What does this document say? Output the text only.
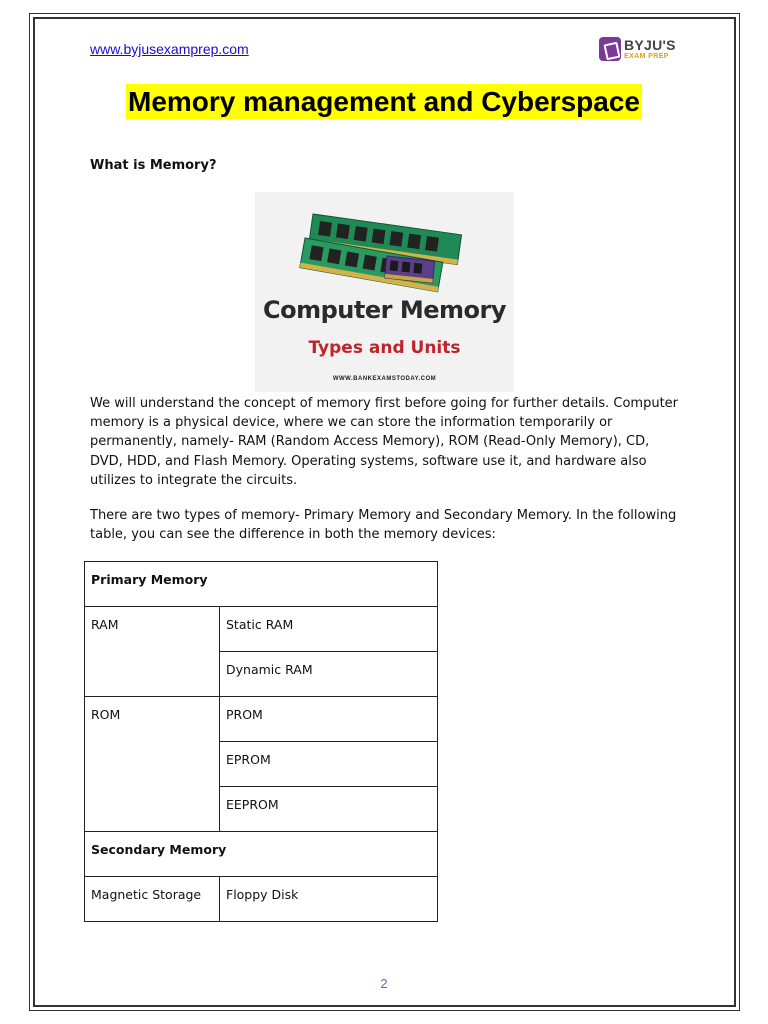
www.byjusexamprep.com	BYJU'S
EXAM PREP
Memory management and Cyberspace
What is Memory?
Computer Memory
Types and Units
WWW.BANKEXAMSTODAY.COM

We will understand the concept of memory first before going for further details. Computer memory is a physical device, where we can store the information temporarily or permanently, namely- RAM (Random Access Memory), ROM (Read-Only Memory), CD, DVD, HDD, and Flash Memory. Operating systems, software use it, and hardware also utilizes to integrate the circuits.

There are two types of memory- Primary Memory and Secondary Memory. In the following table, you can see the difference in both the memory devices:

Primary Memory	
RAM	Static RAM
	Dynamic RAM
ROM	PROM
	EPROM
	EEPROM
Secondary Memory	
Magnetic Storage	Floppy Disk
2
